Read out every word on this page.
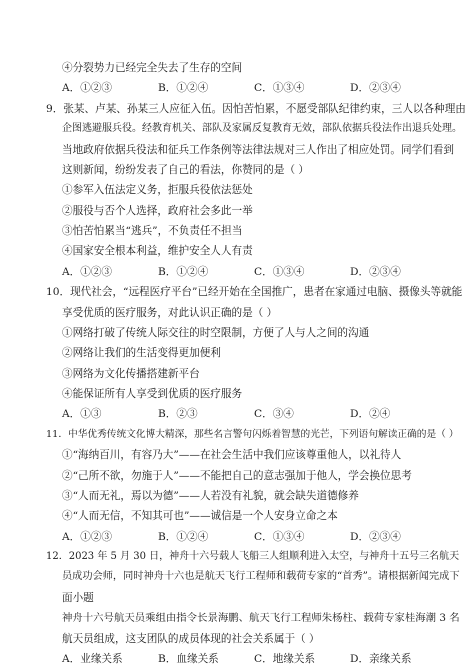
④分裂势力已经完全失去了生存的空间
A．①②③	B．①②④	C．①③④	D．②③④
9．张某、卢某、孙某三人应征入伍。因怕苦怕累，不愿受部队纪律约束，三人以各种理由
企图逃避服兵役。经教育机关、部队及家属反复教育无效，部队依据兵役法作出退兵处理。
当地政府依据兵役法和征兵工作条例等法律法规对三人作出了相应处罚。同学们看到
这则新闻，纷纷发表了自己的看法，你赞同的是（ ）
①参军入伍法定义务，拒服兵役依法惩处
②服役与否个人选择，政府社会多此一举
③怕苦怕累当“逃兵”，不负责任不担当
④国家安全根本利益，维护安全人人有责
A．①②③	B．①②④	C．①③④	D．②③④
10．现代社会，“远程医疗平台”已经开始在全国推广，患者在家通过电脑、摄像头等就能
享受优质的医疗服务，对此认识正确的是（ ）
①网络打破了传统人际交往的时空限制，方便了人与人之间的沟通
②网络让我们的生活变得更加便利
③网络为文化传播搭建新平台
④能保证所有人享受到优质的医疗服务
A．①③	B．②③	C．③④	D．②④
11．中华优秀传统文化博大精深，那些名言警句闪烁着智慧的光芒，下列语句解读正确的是（ ）
①“海纳百川，有容乃大”——在社会生活中我们应该尊重他人，以礼待人
②“己所不欲，勿施于人”——不能把自己的意志强加于他人，学会换位思考
③“人而无礼，焉以为德”——人若没有礼貌，就会缺失道德修养
④“人而无信，不知其可也”——诚信是一个人安身立命之本
A．①②③	B．①②④	C．①③④	D．②③④
12．2023 年 5 月 30 日，神舟十六号载人飞船三人组顺利进入太空，与神舟十五号三名航天
员成功会师，同时神舟十六也是航天飞行工程师和载荷专家的“首秀”。请根据新闻完成下
面小题
神舟十六号航天员乘组由指令长景海鹏、航天飞行工程师朱杨柱、载荷专家桂海潮 3 名
航天员组成，这支团队的成员体现的社会关系属于（ ）
A．业缘关系	B．血缘关系	C．地缘关系	D．亲缘关系
